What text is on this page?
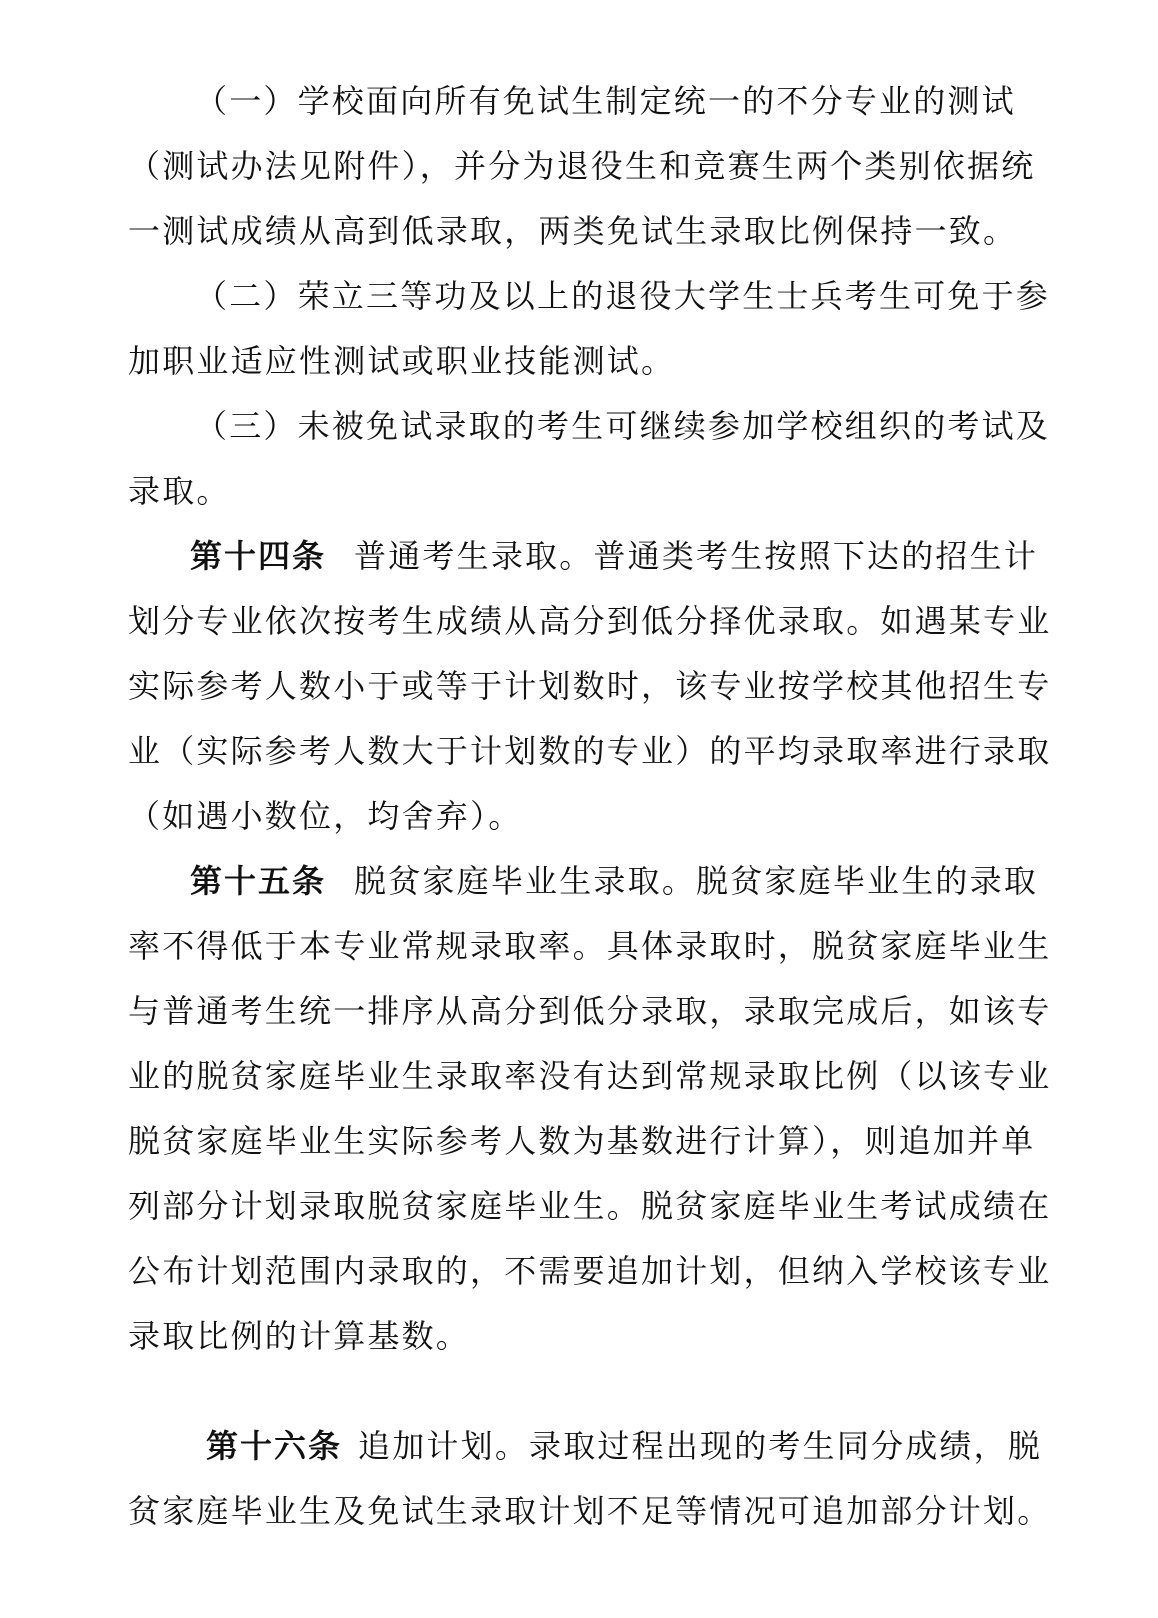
（一）学校面向所有免试生制定统一的不分专业的测试
（测试办法见附件），并分为退役生和竞赛生两个类别依据统
一测试成绩从高到低录取，两类免试生录取比例保持一致。
（二）荣立三等功及以上的退役大学生士兵考生可免于参
加职业适应性测试或职业技能测试。
（三）未被免试录取的考生可继续参加学校组织的考试及
录取。
第十四条 普通考生录取。普通类考生按照下达的招生计
划分专业依次按考生成绩从高分到低分择优录取。如遇某专业
实际参考人数小于或等于计划数时，该专业按学校其他招生专
业（实际参考人数大于计划数的专业）的平均录取率进行录取
（如遇小数位，均舍弃）。
第十五条 脱贫家庭毕业生录取。脱贫家庭毕业生的录取
率不得低于本专业常规录取率。具体录取时，脱贫家庭毕业生
与普通考生统一排序从高分到低分录取，录取完成后，如该专
业的脱贫家庭毕业生录取率没有达到常规录取比例（以该专业
脱贫家庭毕业生实际参考人数为基数进行计算），则追加并单
列部分计划录取脱贫家庭毕业生。脱贫家庭毕业生考试成绩在
公布计划范围内录取的，不需要追加计划，但纳入学校该专业
录取比例的计算基数。
第十六条 追加计划。录取过程出现的考生同分成绩，脱
贫家庭毕业生及免试生录取计划不足等情况可追加部分计划。
